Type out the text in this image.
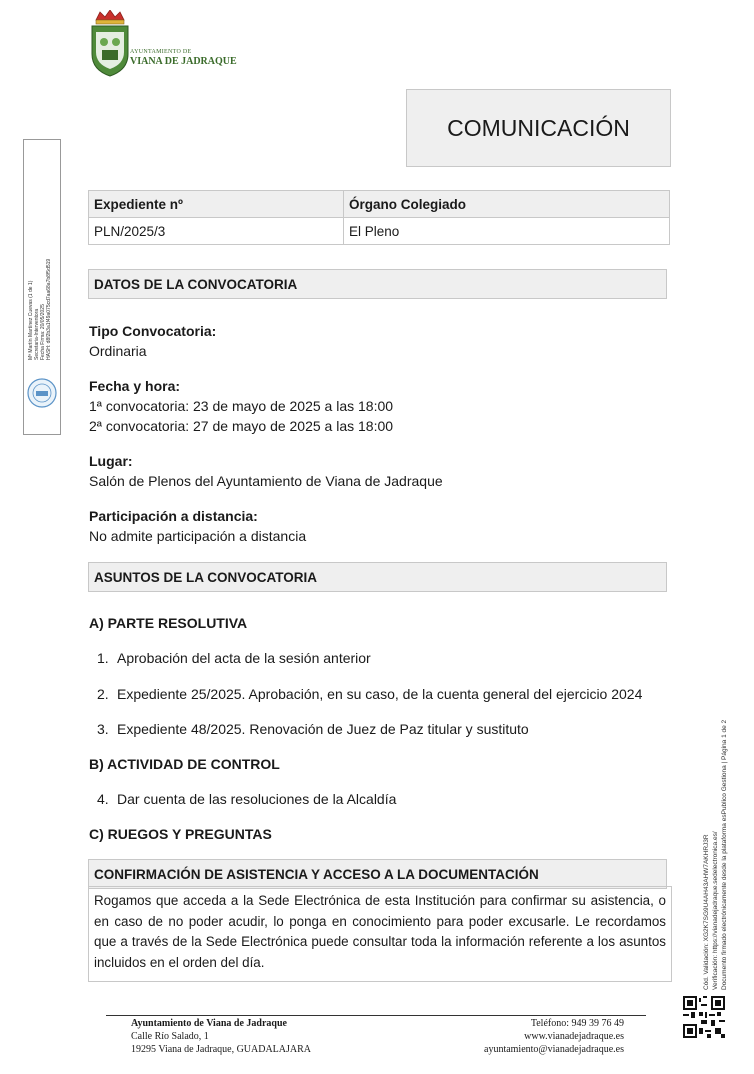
AYUNTAMIENTO DE
VIANA DE JADRAQUE
COMUNICACIÓN
Mª Martín Martínez Cuevas (1 de 1) Secretaria-Interventora Fecha Firma: 20/05/2025 HASH: d8f2b3a1f49a075cd7aa68a7b8f5d519
Expediente nº	Órgano Colegiado
PLN/2025/3	El Pleno
DATOS DE LA CONVOCATORIA
Tipo Convocatoria:
Ordinaria
Fecha y hora:
1ª convocatoria: 23 de mayo de 2025 a las 18:00
2ª convocatoria: 27 de mayo de 2025 a las 18:00
Lugar:
Salón de Plenos del Ayuntamiento de Viana de Jadraque
Participación a distancia:
No admite participación a distancia
ASUNTOS DE LA CONVOCATORIA
A) PARTE RESOLUTIVA
1. Aprobación del acta de la sesión anterior
2. Expediente 25/2025. Aprobación, en su caso, de la cuenta general del ejercicio 2024
3. Expediente 48/2025. Renovación de Juez de Paz titular y sustituto
B) ACTIVIDAD DE CONTROL
4. Dar cuenta de las resoluciones de la Alcaldía
C) RUEGOS Y PREGUNTAS
CONFIRMACIÓN DE ASISTENCIA Y ACCESO A LA DOCUMENTACIÓN
Rogamos que acceda a la Sede Electrónica de esta Institución para confirmar su asistencia, o en caso de no poder acudir, lo ponga en conocimiento para poder excusarle. Le recordamos que a través de la Sede Electrónica puede consultar toda la información referente a los asuntos incluidos en el orden del día.	Cód. Validación: XG2K7SG9U4AH43AHW7AKHRJ3R Verificación: https://vianadejadraque.sedelectronica.es/ Documento firmado electrónicamente desde la plataforma esPublico Gestiona | Página 1 de 2
Ayuntamiento de Viana de Jadraque
Calle Río Salado, 1
19295 Viana de Jadraque, GUADALAJARA
Teléfono: 949 39 76 49
www.vianadejadraque.es
ayuntamiento@vianadejadraque.es
